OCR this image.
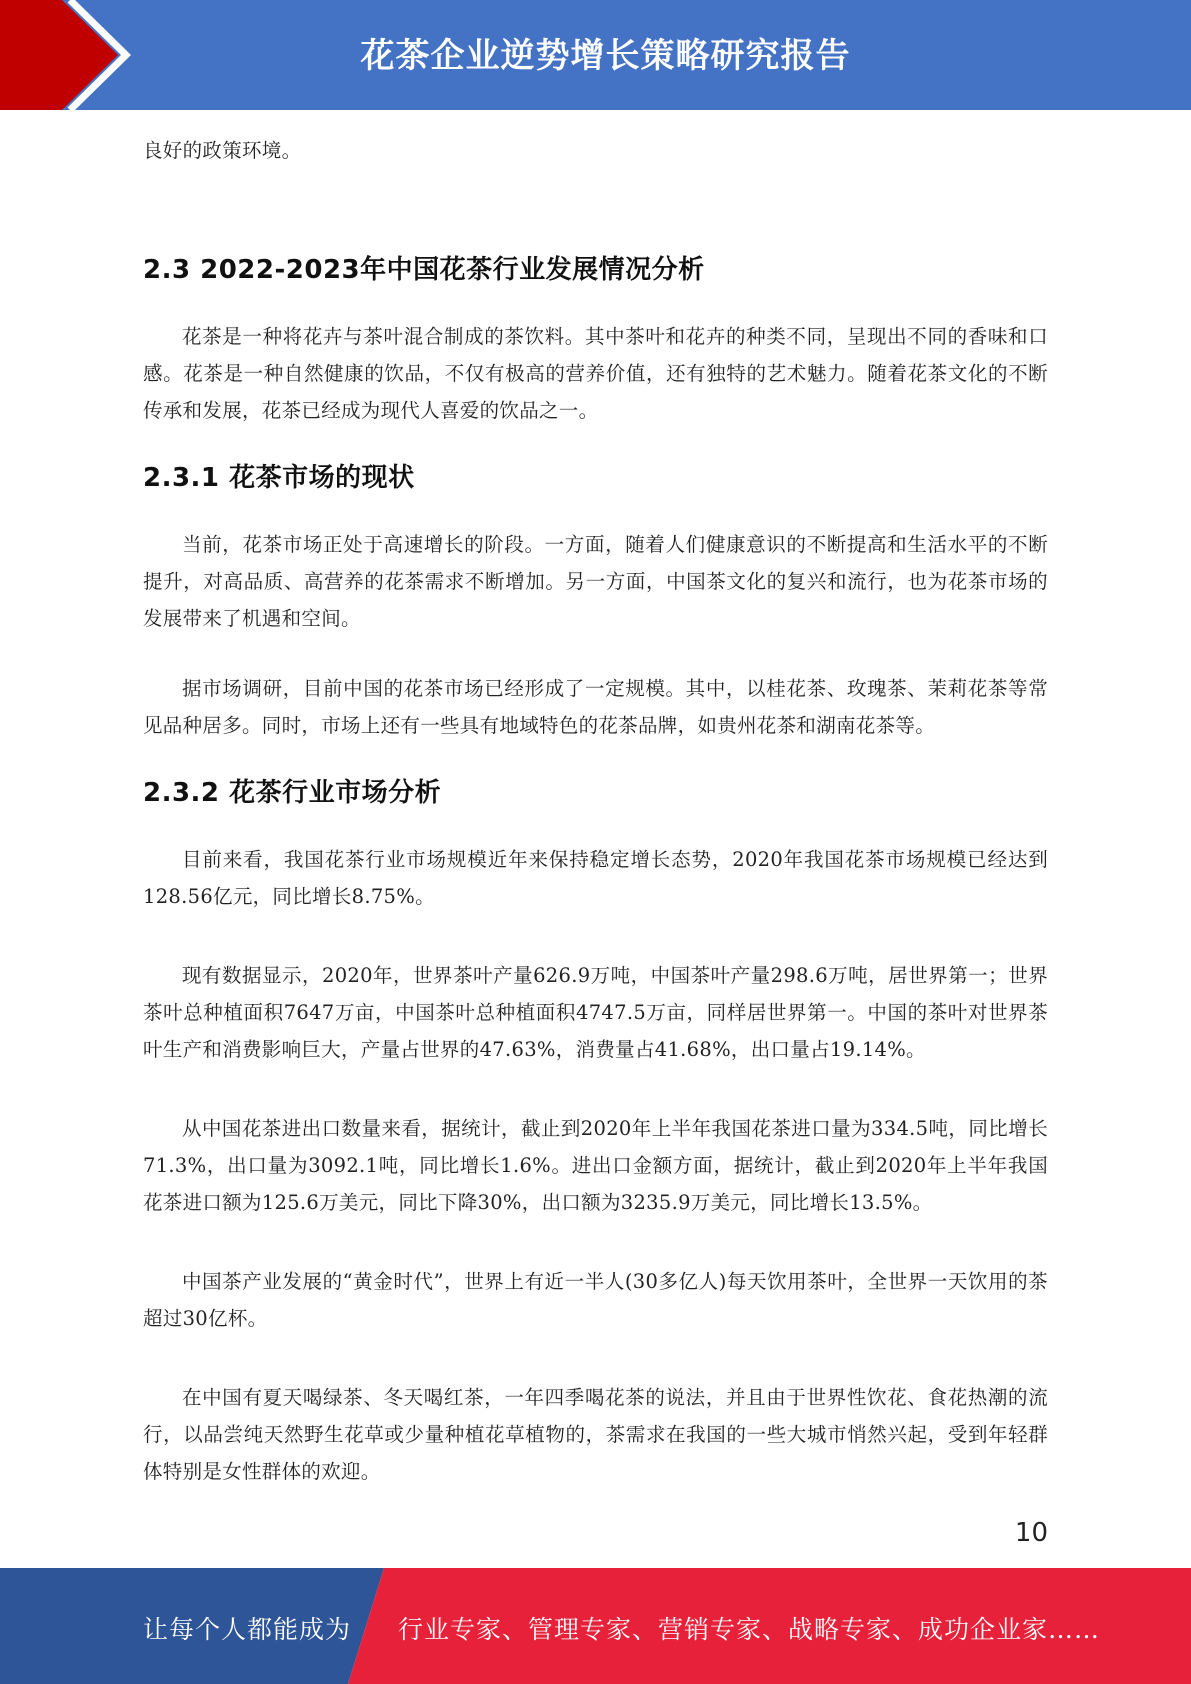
花茶企业逆势增长策略研究报告

良好的政策环境。

2.3 2022-2023年中国花茶行业发展情况分析

花茶是一种将花卉与茶叶混合制成的茶饮料。其中茶叶和花卉的种类不同，呈现出不同的香味和口感。花茶是一种自然健康的饮品，不仅有极高的营养价值，还有独特的艺术魅力。随着花茶文化的不断传承和发展，花茶已经成为现代人喜爱的饮品之一。

2.3.1 花茶市场的现状

当前，花茶市场正处于高速增长的阶段。一方面，随着人们健康意识的不断提高和生活水平的不断提升，对高品质、高营养的花茶需求不断增加。另一方面，中国茶文化的复兴和流行，也为花茶市场的发展带来了机遇和空间。

据市场调研，目前中国的花茶市场已经形成了一定规模。其中，以桂花茶、玫瑰茶、茉莉花茶等常见品种居多。同时，市场上还有一些具有地域特色的花茶品牌，如贵州花茶和湖南花茶等。

2.3.2 花茶行业市场分析

目前来看，我国花茶行业市场规模近年来保持稳定增长态势，2020年我国花茶市场规模已经达到128.56亿元，同比增长8.75%。

现有数据显示，2020年，世界茶叶产量626.9万吨，中国茶叶产量298.6万吨，居世界第一；世界茶叶总种植面积7647万亩，中国茶叶总种植面积4747.5万亩，同样居世界第一。中国的茶叶对世界茶叶生产和消费影响巨大，产量占世界的47.63%，消费量占41.68%，出口量占19.14%。

从中国花茶进出口数量来看，据统计，截止到2020年上半年我国花茶进口量为334.5吨，同比增长71.3%，出口量为3092.1吨，同比增长1.6%。进出口金额方面，据统计，截止到2020年上半年我国花茶进口额为125.6万美元，同比下降30%，出口额为3235.9万美元，同比增长13.5%。

中国茶产业发展的“黄金时代”，世界上有近一半人(30多亿人)每天饮用茶叶，全世界一天饮用的茶超过30亿杯。

在中国有夏天喝绿茶、冬天喝红茶，一年四季喝花茶的说法，并且由于世界性饮花、食花热潮的流行，以品尝纯天然野生花草或少量种植花草植物的，茶需求在我国的一些大城市悄然兴起，受到年轻群体特别是女性群体的欢迎。

10
让每个人都能成为 行业专家、管理专家、营销专家、战略专家、成功企业家……
